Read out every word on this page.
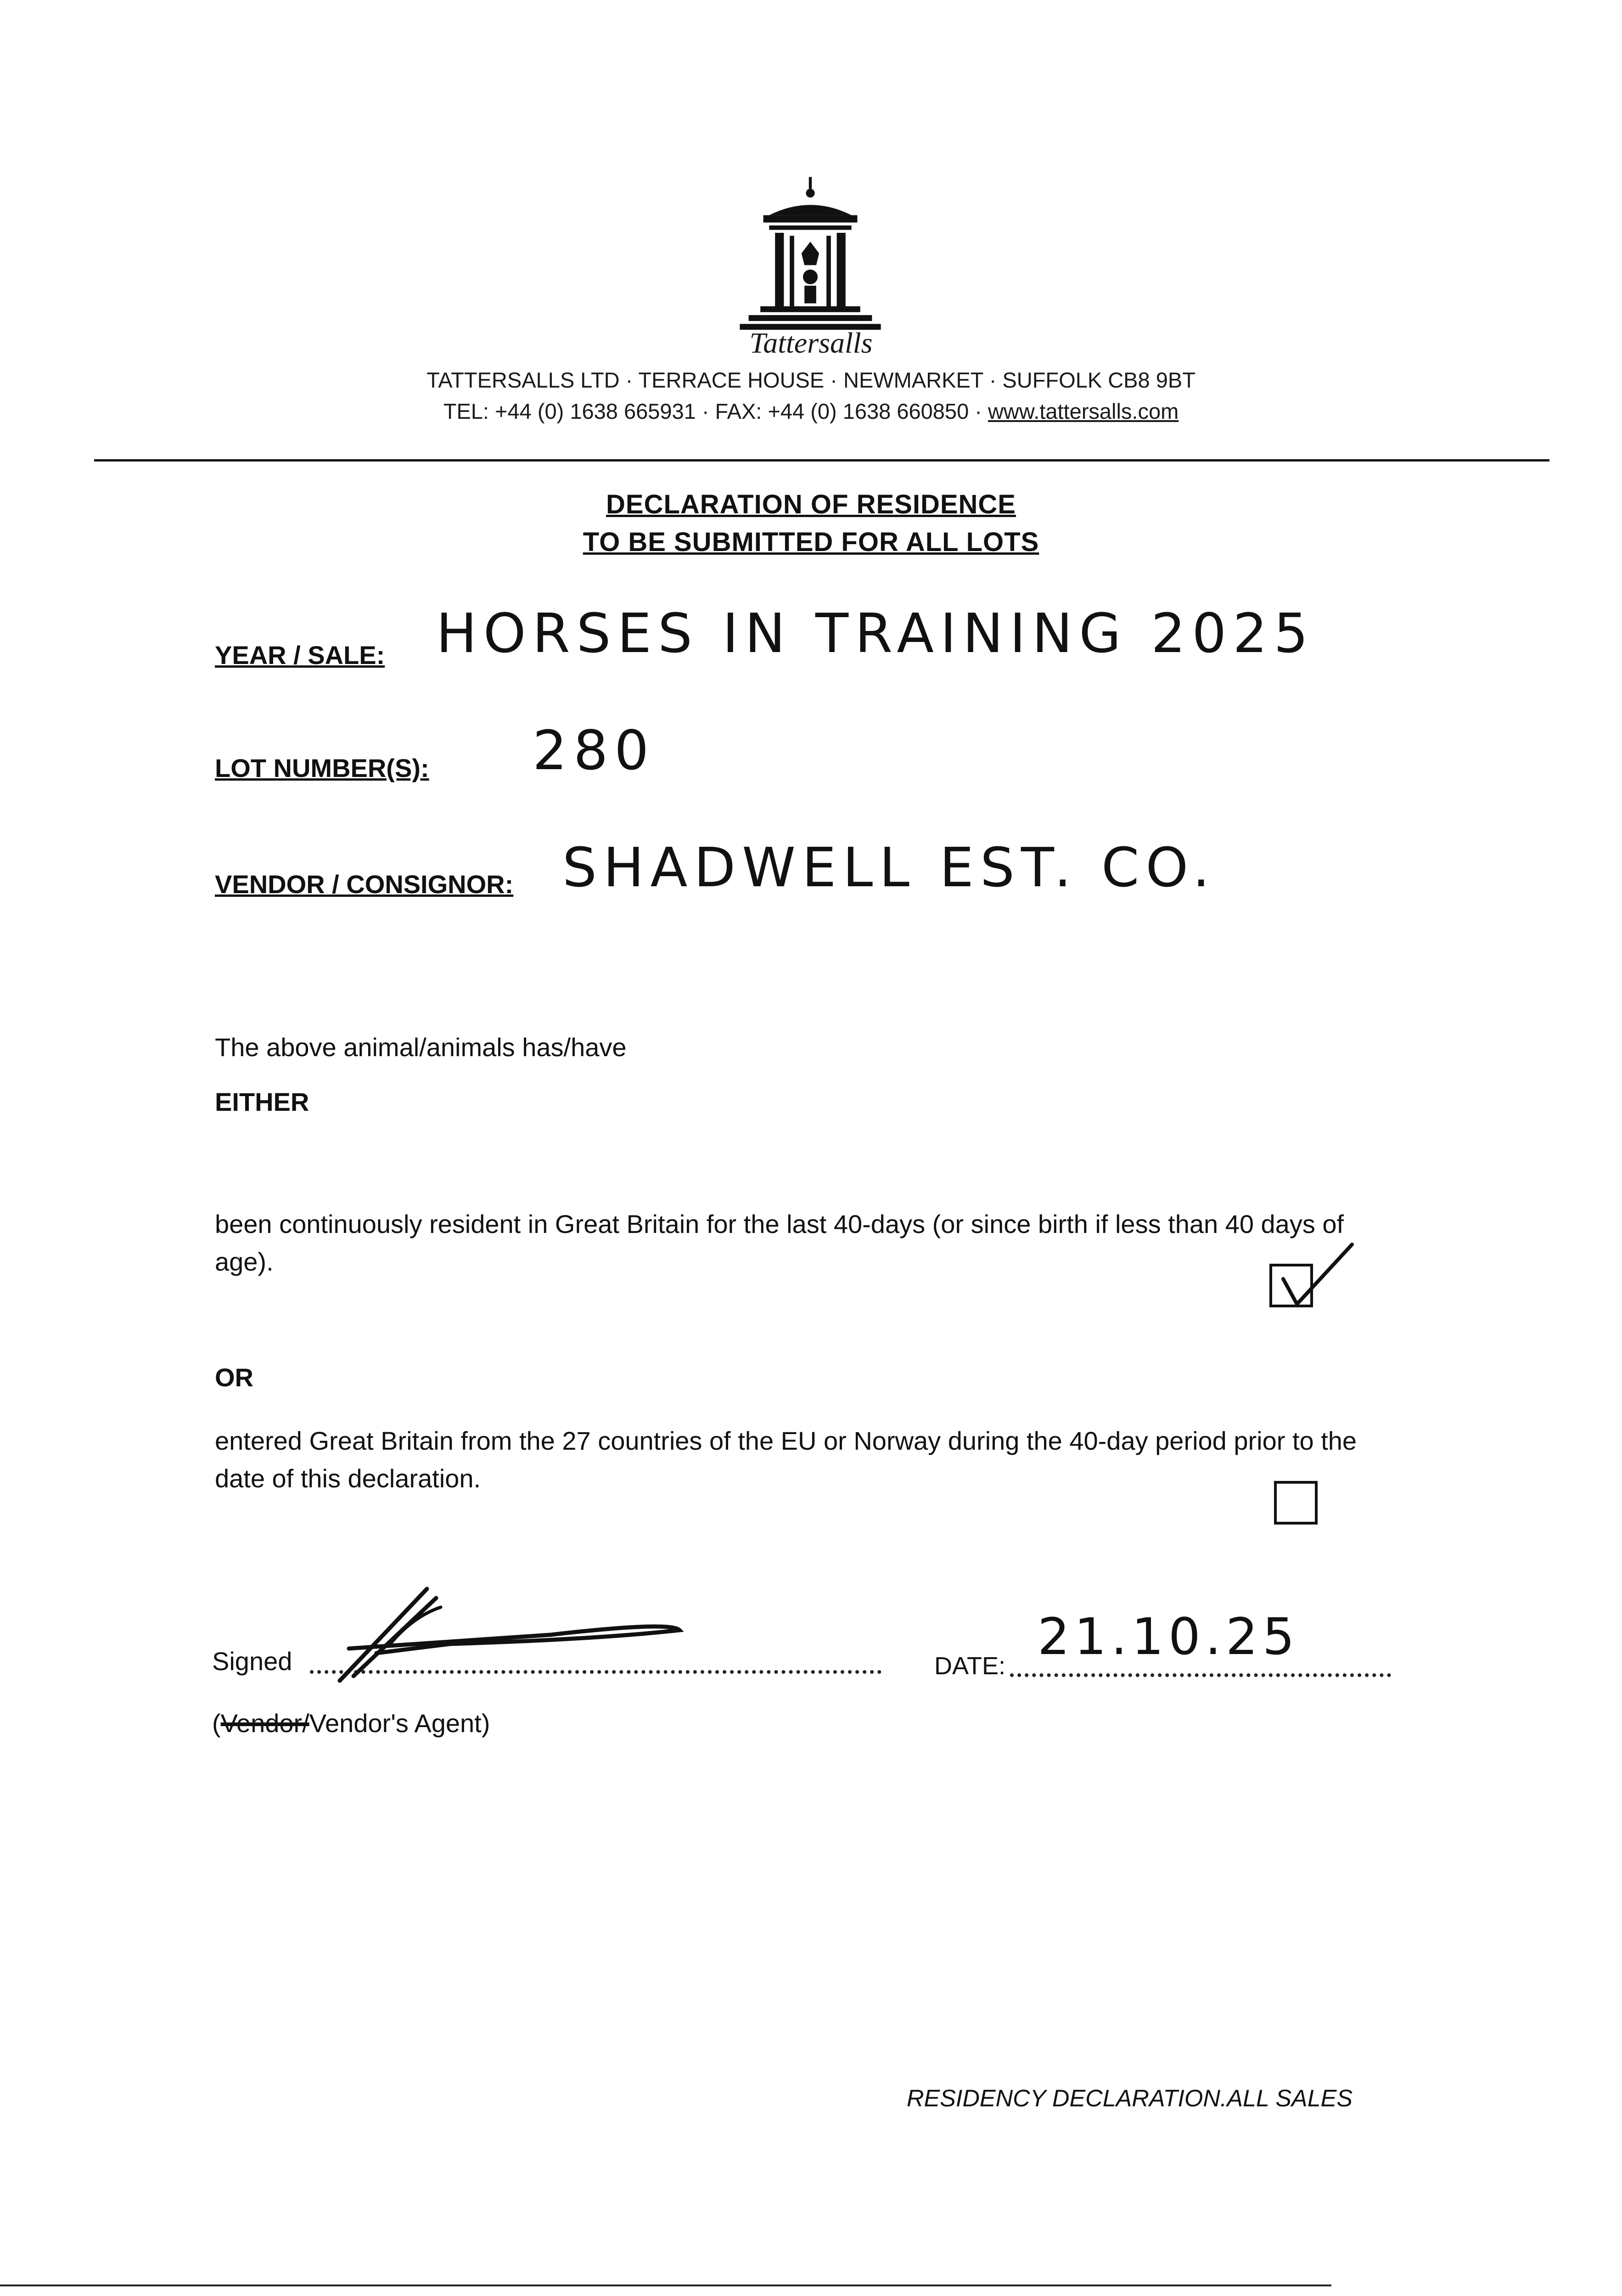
Tattersalls
TATTERSALLS LTD · TERRACE HOUSE · NEWMARKET · SUFFOLK CB8 9BT
TEL: +44 (0) 1638 665931 · FAX: +44 (0) 1638 660850 · www.tattersalls.com
DECLARATION OF RESIDENCE
TO BE SUBMITTED FOR ALL LOTS
YEAR / SALE: HORSES IN TRAINING 2025
LOT NUMBER(S): 280
VENDOR / CONSIGNOR: SHADWELL EST. CO.
The above animal/animals has/have
EITHER
been continuously resident in Great Britain for the last 40-days (or since birth if less than 40 days of age).
OR
entered Great Britain from the 27 countries of the EU or Norway during the 40-day period prior to the date of this declaration.
Signed	DATE: 21.10.25
(Vendor/Vendor's Agent)
RESIDENCY DECLARATION.ALL SALES
